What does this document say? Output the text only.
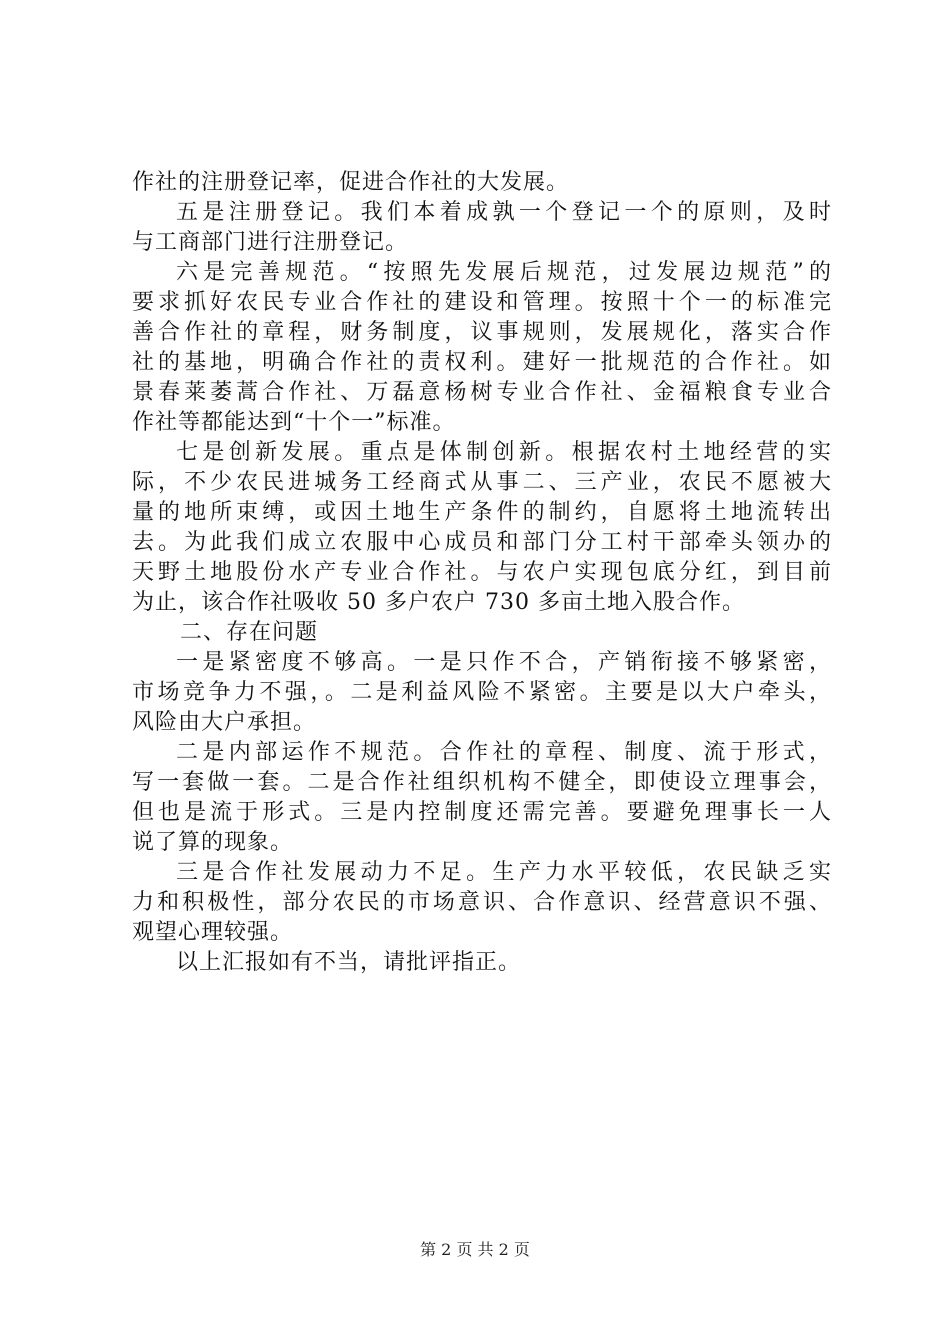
作社的注册登记率，促进合作社的大发展。
五是注册登记。我们本着成孰一个登记一个的原则，及时
与工商部门进行注册登记。
六是完善规范。“按照先发展后规范，过发展边规范”的
要求抓好农民专业合作社的建设和管理。按照十个一的标准完
善合作社的章程，财务制度，议事规则，发展规化，落实合作
社的基地，明确合作社的责权利。建好一批规范的合作社。如
景春莱萎蒿合作社、万磊意杨树专业合作社、金福粮食专业合
作社等都能达到“十个一”标准。
七是创新发展。重点是体制创新。根据农村土地经营的实
际，不少农民进城务工经商式从事二、三产业，农民不愿被大
量的地所束缚，或因土地生产条件的制约，自愿将土地流转出
去。为此我们成立农服中心成员和部门分工村干部牵头领办的
天野土地股份水产专业合作社。与农户实现包底分红，到目前
为止，该合作社吸收 50 多户农户 730 多亩土地入股合作。
二、存在问题
一是紧密度不够高。一是只作不合，产销衔接不够紧密，
市场竞争力不强，。二是利益风险不紧密。主要是以大户牵头，
风险由大户承担。
二是内部运作不规范。合作社的章程、制度、流于形式，
写一套做一套。二是合作社组织机构不健全，即使设立理事会，
但也是流于形式。三是内控制度还需完善。要避免理事长一人
说了算的现象。
三是合作社发展动力不足。生产力水平较低，农民缺乏实
力和积极性，部分农民的市场意识、合作意识、经营意识不强、
观望心理较强。
以上汇报如有不当，请批评指正。
第 2 页 共 2 页
